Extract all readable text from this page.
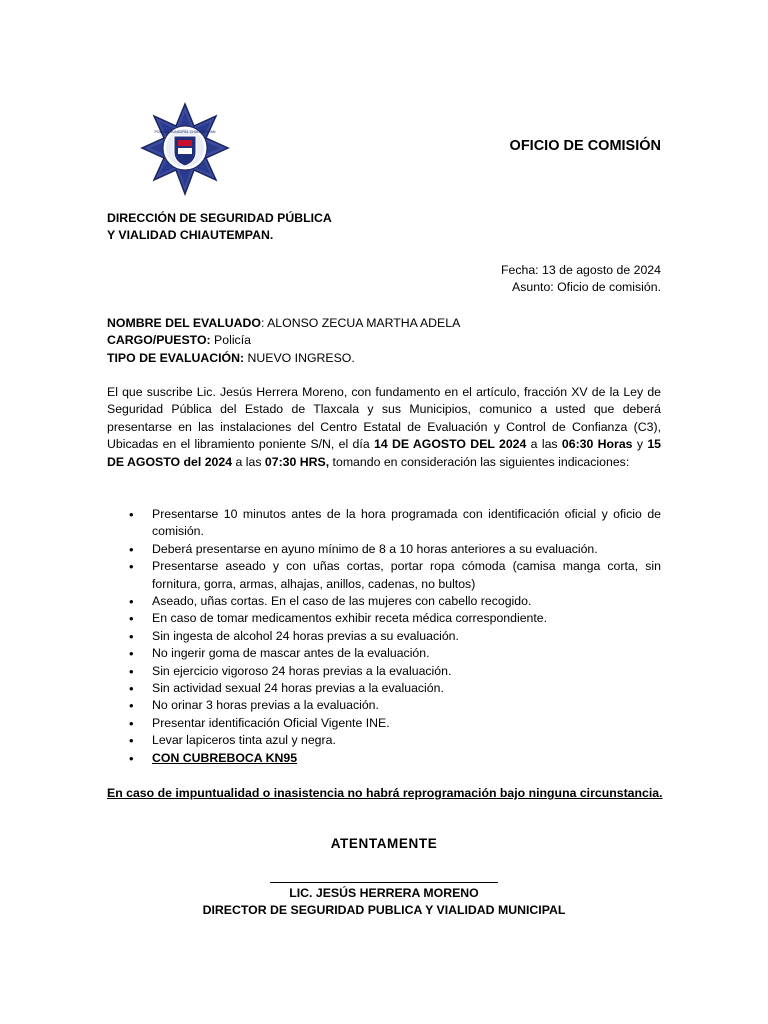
POLICÍA MUNICIPAL CHIAUTEMPAN
OFICIO DE COMISIÓN
DIRECCIÓN DE SEGURIDAD PÚBLICA
Y VIALIDAD CHIAUTEMPAN.
Fecha: 13 de agosto de 2024
Asunto: Oficio de comisión.
NOMBRE DEL EVALUADO: ALONSO ZECUA MARTHA ADELA
CARGO/PUESTO: Policía
TIPO DE EVALUACIÓN: NUEVO INGRESO.
El que suscribe Lic. Jesús Herrera Moreno, con fundamento en el artículo, fracción XV de la Ley de Seguridad Pública del Estado de Tlaxcala y sus Municipios, comunico a usted que deberá presentarse en las instalaciones del Centro Estatal de Evaluación y Control de Confianza (C3), Ubicadas en el libramiento poniente S/N, el día 14 DE AGOSTO DEL 2024 a las 06:30 Horas y 15 DE AGOSTO del 2024 a las 07:30 HRS, tomando en consideración las siguientes indicaciones:
• Presentarse 10 minutos antes de la hora programada con identificación oficial y oficio de comisión.
• Deberá presentarse en ayuno mínimo de 8 a 10 horas anteriores a su evaluación.
• Presentarse aseado y con uñas cortas, portar ropa cómoda (camisa manga corta, sin fornitura, gorra, armas, alhajas, anillos, cadenas, no bultos)
• Aseado, uñas cortas. En el caso de las mujeres con cabello recogido.
• En caso de tomar medicamentos exhibir receta médica correspondiente.
• Sin ingesta de alcohol 24 horas previas a su evaluación.
• No ingerir goma de mascar antes de la evaluación.
• Sin ejercicio vigoroso 24 horas previas a la evaluación.
• Sin actividad sexual 24 horas previas a la evaluación.
• No orinar 3 horas previas a la evaluación.
• Presentar identificación Oficial Vigente INE.
• Levar lapiceros tinta azul y negra.
• CON CUBREBOCA KN95
En caso de impuntualidad o inasistencia no habrá reprogramación bajo ninguna circunstancia.
ATENTAMENTE
LIC. JESÚS HERRERA MORENO
DIRECTOR DE SEGURIDAD PUBLICA Y VIALIDAD MUNICIPAL
